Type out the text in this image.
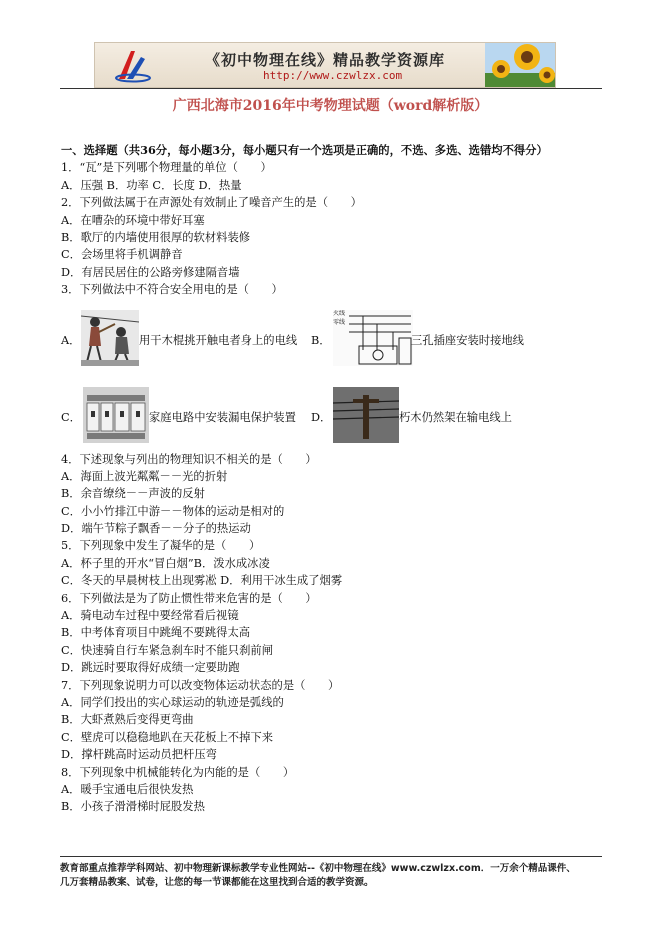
《初中物理在线》精品教学资源库
http://www.czwlzx.com
广西北海市2016年中考物理试题（word解析版）
一、选择题（共36分，每小题3分，每小题只有一个选项是正确的，不选、多选、选错均不得分）
1．“瓦”是下列哪个物理量的单位（　　）
A．压强 B．功率 C．长度 D．热量
2．下列做法属于在声源处有效制止了噪音产生的是（　　）
A．在嘈杂的环境中带好耳塞
B．歌厅的内墙使用很厚的软材料装修
C．会场里将手机调静音
D．有居民居住的公路旁修建隔音墙
3．下列做法中不符合安全用电的是（　　）
A．	用干木棍挑开触电者身上的电线 B．
火线
零线
三孔插座安装时接地线
C．	家庭电路中安装漏电保护装置 D．	朽木仍然架在输电线上
4．下述现象与列出的物理知识不相关的是（　　）
A．海面上波光粼粼－－光的折射
B．余音缭绕－－声波的反射
C．小小竹排江中游－－物体的运动是相对的
D．端午节粽子飘香－－分子的热运动
5．下列现象中发生了凝华的是（　　）
A．杯子里的开水“冒白烟”B．泼水成冰凌
C．冬天的早晨树枝上出现雾凇 D．利用干冰生成了烟雾
6．下列做法是为了防止惯性带来危害的是（　　）
A．骑电动车过程中要经常看后视镜
B．中考体育项目中跳绳不要跳得太高
C．快速骑自行车紧急刹车时不能只刹前闸
D．跳远时要取得好成绩一定要助跑
7．下列现象说明力可以改变物体运动状态的是（　　）
A．同学们投出的实心球运动的轨迹是弧线的
B．大虾煮熟后变得更弯曲
C．壁虎可以稳稳地趴在天花板上不掉下来
D．撑杆跳高时运动员把杆压弯
8．下列现象中机械能转化为内能的是（　　）
A．暖手宝通电后很快发热
B．小孩子滑滑梯时屁股发热
教育部重点推荐学科网站、初中物理新课标教学专业性网站--《初中物理在线》www.czwlzx.com．一万余个精品课件、
几万套精品教案、试卷，让您的每一节课都能在这里找到合适的教学资源。
